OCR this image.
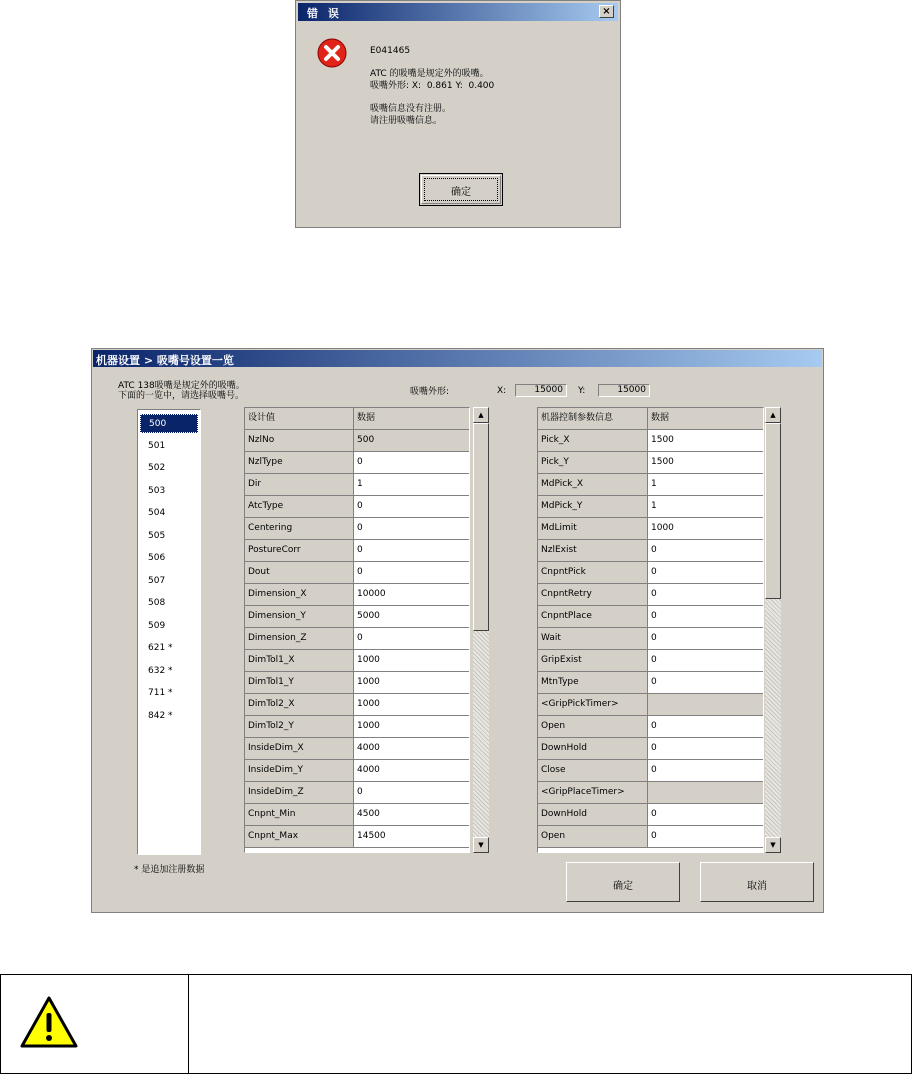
错 误	×
E041465
ATC 的吸嘴是规定外的吸嘴。
吸嘴外形: X:  0.861 Y:  0.400
吸嘴信息没有注册。
请注册吸嘴信息。
确定
机器设置 > 吸嘴号设置一览
ATC 138吸嘴是规定外的吸嘴。
下面的一览中，请选择吸嘴号。	吸嘴外形:	X:	15000	Y:	15000
500
501
502
503
504
505
506
507
508
509
621 *
632 *
711 *
842 *
设计值	数据
NzlNo	500
NzlType	0
Dir	1
AtcType	0
Centering	0
PostureCorr	0
Dout	0
Dimension_X	10000
Dimension_Y	5000
Dimension_Z	0
DimTol1_X	1000
DimTol1_Y	1000
DimTol2_X	1000
DimTol2_Y	1000
InsideDim_X	4000
InsideDim_Y	4000
InsideDim_Z	0
Cnpnt_Min	4500
Cnpnt_Max	14500
▲
▼
机器控制参数信息	数据
Pick_X	1500
Pick_Y	1500
MdPick_X	1
MdPick_Y	1
MdLimit	1000
NzlExist	0
CnpntPick	0
CnpntRetry	0
CnpntPlace	0
Wait	0
GripExist	0
MtnType	0
<GripPickTimer>
Open	0
DownHold	0
Close	0
<GripPlaceTimer>
DownHold	0
Open	0
▲
▼
* 是追加注册数据
确定	取消
